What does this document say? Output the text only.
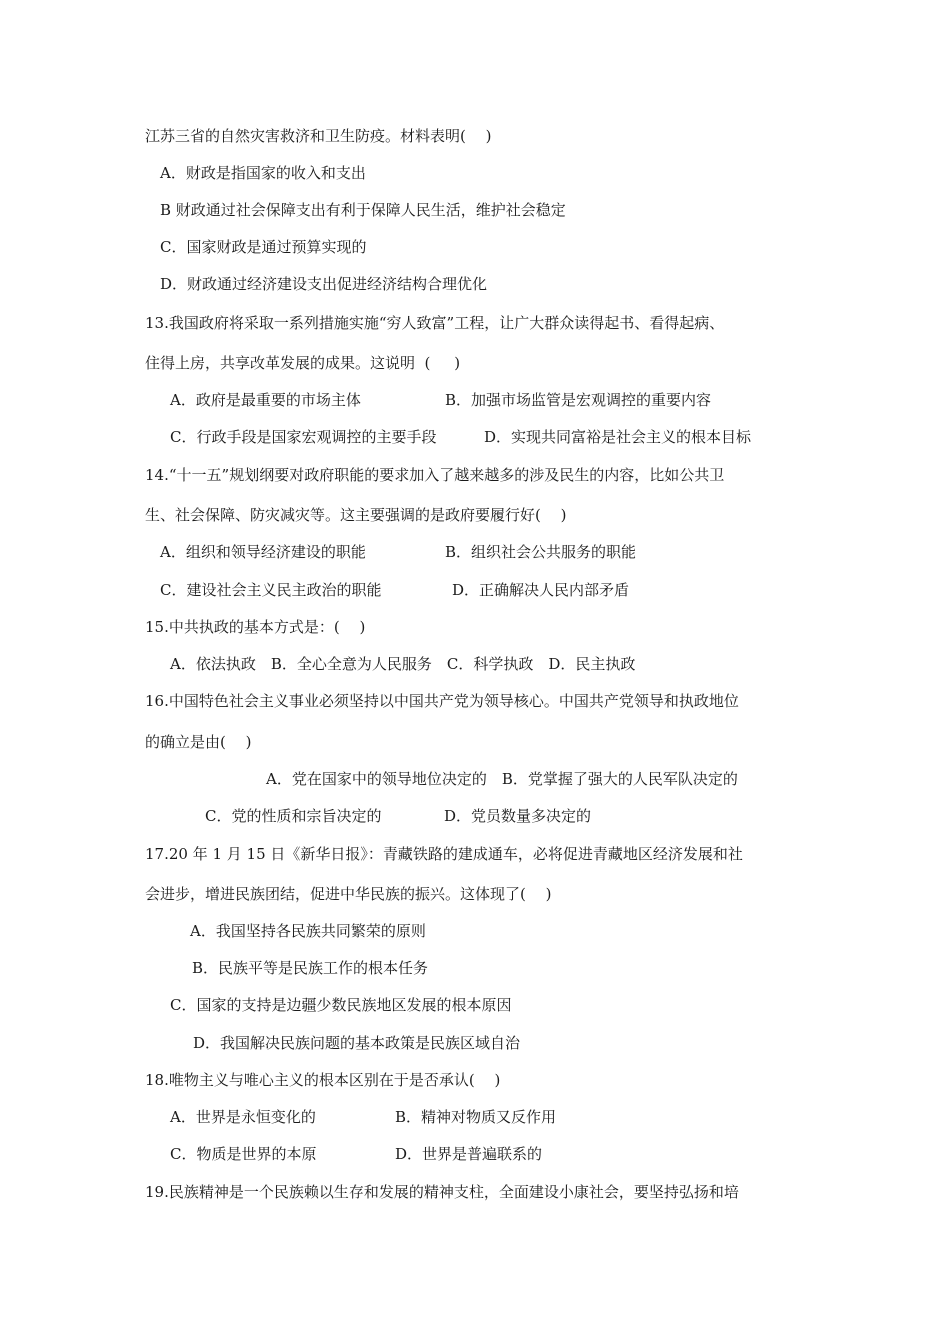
江苏三省的自然灾害救济和卫生防疫。材料表明(　 )
A．财政是指国家的收入和支出
B 财政通过社会保障支出有利于保障人民生活，维护社会稳定
C．国家财政是通过预算实现的
D．财政通过经济建设支出促进经济结构合理优化
13.我国政府将采取一系列措施实施“穷人致富”工程，让广大群众读得起书、看得起病、
住得上房，共享改革发展的成果。这说明  (     )
A．政府是最重要的市场主体	B．加强市场监管是宏观调控的重要内容
C．行政手段是国家宏观调控的主要手段	D．实现共同富裕是社会主义的根本目标
14.“十一五”规划纲要对政府职能的要求加入了越来越多的涉及民生的内容，比如公共卫
生、社会保障、防灾减灾等。这主要强调的是政府要履行好(　 )
A．组织和领导经济建设的职能	B．组织社会公共服务的职能
C．建设社会主义民主政治的职能	D．正确解决人民内部矛盾
15.中共执政的基本方式是：(　 )
A．依法执政　B．全心全意为人民服务　C．科学执政　D．民主执政
16.中国特色社会主义事业必须坚持以中国共产党为领导核心。中国共产党领导和执政地位
的确立是由(　 )
A．党在国家中的领导地位决定的　B．党掌握了强大的人民军队决定的
C．党的性质和宗旨决定的	D．党员数量多决定的
17.20 年 1 月 15 日《新华日报》：青藏铁路的建成通车，必将促进青藏地区经济发展和社
会进步，增进民族团结，促进中华民族的振兴。这体现了(　 )
A．我国坚持各民族共同繁荣的原则
B．民族平等是民族工作的根本任务
C．国家的支持是边疆少数民族地区发展的根本原因
D．我国解决民族问题的基本政策是民族区域自治
18.唯物主义与唯心主义的根本区别在于是否承认(　 )
A．世界是永恒变化的	B．精神对物质又反作用
C．物质是世界的本原	D．世界是普遍联系的
19.民族精神是一个民族赖以生存和发展的精神支柱，全面建设小康社会，要坚持弘扬和培
